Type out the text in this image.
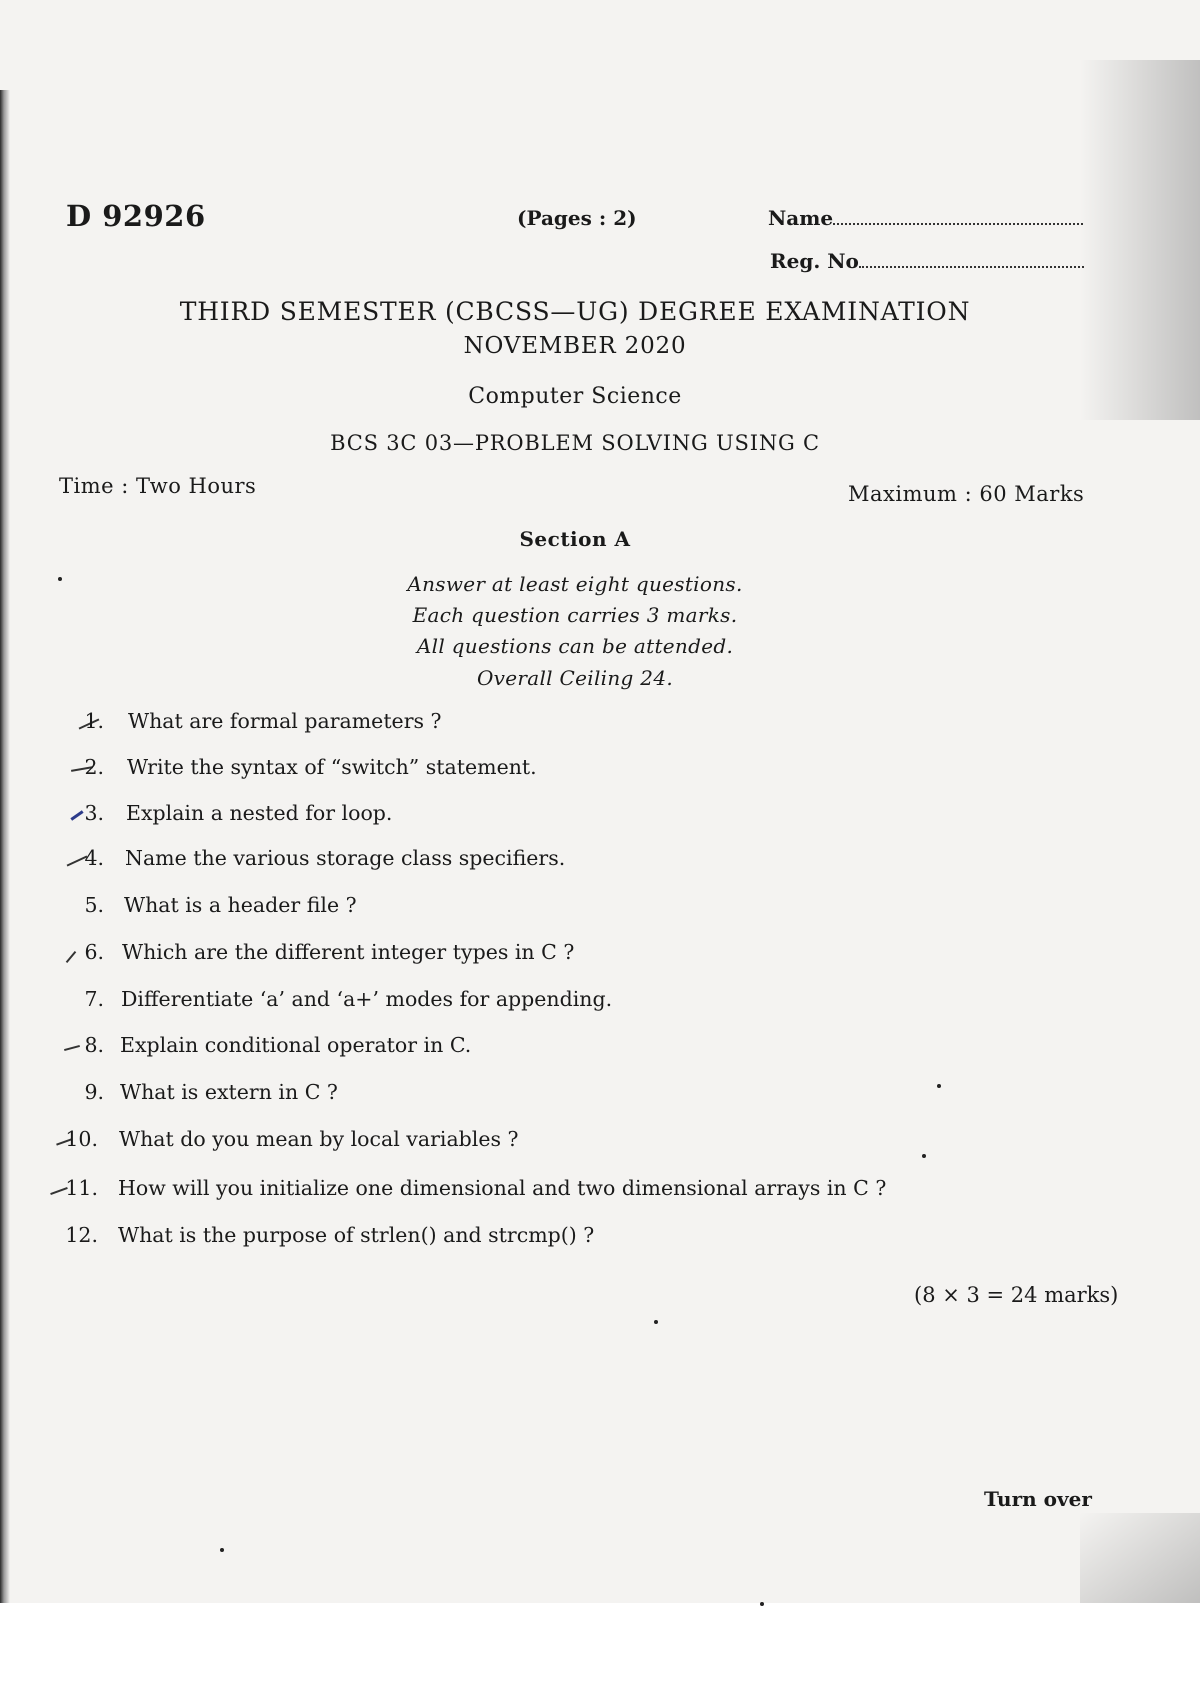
D 92926	(Pages : 2)	Name
Reg. No
THIRD SEMESTER (CBCSS—UG) DEGREE EXAMINATION
NOVEMBER 2020
Computer Science
BCS 3C 03—PROBLEM SOLVING USING C
Time : Two Hours	Maximum : 60 Marks
Section A
Answer at least eight questions.
Each question carries 3 marks.
All questions can be attended.
Overall Ceiling 24.
1. What are formal parameters ?
2. Write the syntax of “switch” statement.
3. Explain a nested for loop.
4. Name the various storage class specifiers.
5. What is a header file ?
6. Which are the different integer types in C ?
7. Differentiate ‘a’ and ‘a+’ modes for appending.
8. Explain conditional operator in C.
9. What is extern in C ?
10. What do you mean by local variables ?
11. How will you initialize one dimensional and two dimensional arrays in C ?
12. What is the purpose of strlen() and strcmp() ?
(8 × 3 = 24 marks)
Turn over
